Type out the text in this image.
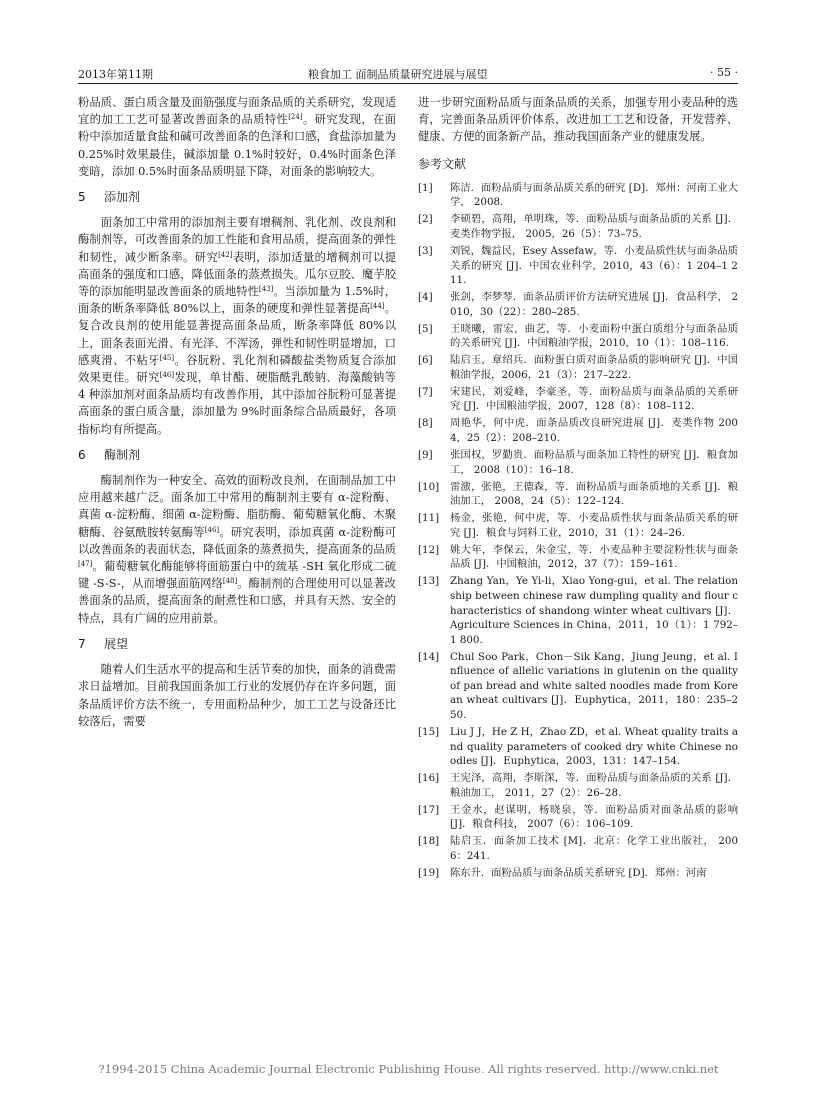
2013年第11期	粮食加工 面制品质量研究进展与展望	· 55 ·

粉品质、蛋白质含量及面筋强度与面条品质的关系研究，发现适宜的加工工艺可显著改善面条的品质特性[24]。研究发现，在面粉中添加适量食盐和碱可改善面条的色泽和口感，食盐添加量为 0.25%时效果最佳，碱添加量 0.1%时较好，0.4%时面条色泽变暗，添加 0.5%时面条品质明显下降，对面条的影响较大。

5 添加剂

面条加工中常用的添加剂主要有增稠剂、乳化剂、改良剂和酶制剂等，可改善面条的加工性能和食用品质，提高面条的弹性和韧性，减少断条率。研究[42]表明，添加适量的增稠剂可以提高面条的强度和口感，降低面条的蒸煮损失。瓜尔豆胶、魔芋胶等的添加能明显改善面条的质地特性[43]。当添加量为 1.5%时，面条的断条率降低 80%以上，面条的硬度和弹性显著提高[44]。复合改良剂的使用能显著提高面条品质，断条率降低 80%以上，面条表面光滑、有光泽、不浑汤，弹性和韧性明显增加，口感爽滑、不粘牙[45]。谷朊粉、乳化剂和磷酸盐类物质复合添加效果更佳。研究[46]发现，单甘酯、硬脂酰乳酸钠、海藻酸钠等 4 种添加剂对面条品质均有改善作用，其中添加谷朊粉可显著提高面条的蛋白质含量，添加量为 9%时面条综合品质最好，各项指标均有所提高。

6 酶制剂

酶制剂作为一种安全、高效的面粉改良剂，在面制品加工中应用越来越广泛。面条加工中常用的酶制剂主要有 α-淀粉酶、真菌 α-淀粉酶、细菌 α-淀粉酶、脂肪酶、葡萄糖氧化酶、木聚糖酶、谷氨酰胺转氨酶等[46]。研究表明，添加真菌 α-淀粉酶可以改善面条的表面状态，降低面条的蒸煮损失，提高面条的品质[47]。葡萄糖氧化酶能够将面筋蛋白中的巯基 -SH 氧化形成二硫键 -S-S-，从而增强面筋网络[48]。酶制剂的合理使用可以显著改善面条的品质，提高面条的耐煮性和口感，并具有天然、安全的特点，具有广阔的应用前景。

7 展望

随着人们生活水平的提高和生活节奏的加快，面条的消费需求日益增加。目前我国面条加工行业的发展仍存在许多问题，面条品质评价方法不统一，专用面粉品种少，加工工艺与设备还比较落后，需要

进一步研究面粉品质与面条品质的关系，加强专用小麦品种的选育，完善面条品质评价体系，改进加工工艺和设备，开发营养、健康、方便的面条新产品，推动我国面条产业的健康发展。

参考文献
[1]	陈洁．面粉品质与面条品质关系的研究 [D]．郑州：河南工业大学， 2008.
[2]	李硕碧，高翔，单明珠，等．面粉品质与面条品质的关系 [J]．麦类作物学报， 2005，26（5）：73–75.
[3]	刘锐，魏益民，Esey Assefaw，等．小麦品质性状与面条品质关系的研究 [J]．中国农业科学，2010，43（6）：1 204–1 211.
[4]	张剑，李梦琴．面条品质评价方法研究进展 [J]．食品科学， 2010，30（22）：280–285.
[5]	王晓曦，雷宏，曲艺，等．小麦面粉中蛋白质组分与面条品质的关系研究 [J]．中国粮油学报，2010，10（1）：108–116.
[6]	陆启玉，章绍兵．面粉蛋白质对面条品质的影响研究 [J]．中国粮油学报，2006，21（3）：217–222.
[7]	宋建民，刘爱峰，李豪圣，等．面粉品质与面条品质的关系研究 [J]．中国粮油学报，2007，128（8）：108–112.
[8]	周艳华，何中虎．面条品质改良研究进展 [J]．麦类作物 2004，25（2）：208–210.
[9]	张国权，罗勤贵．面粉品质与面条加工特性的研究 [J]．粮食加工， 2008（10）：16–18.
[10]	雷激，张艳，王德森，等．面粉品质与面条质地的关系 [J]．粮油加工， 2008，24（5）：122–124.
[11]	杨金，张艳，何中虎，等．小麦品质性状与面条品质关系的研究 [J]．粮食与饲料工业，2010，31（1）：24–26.
[12]	姚大年，李保云，朱金宝，等．小麦品种主要淀粉性状与面条品质 [J]．中国粮油，2012，37（7）：159–161.
[13]	Zhang Yan，Ye Yi-li，Xiao Yong-gui，et al. The relationship between chinese raw dumpling quality and flour characteristics of shandong winter wheat cultivars [J]．Agriculture Sciences in China，2011，10（1）：1 792–1 800.
[14]	Chul Soo Park，Chon－Sik Kang，Jiung Jeung，et al. Influence of allelic variations in glutenin on the quality of pan bread and white salted noodles made from Korean wheat cultivars [J]．Euphytica，2011，180：235–250.
[15]	Liu J J，He Z H，Zhao ZD，et al. Wheat quality traits and quality parameters of cooked dry white Chinese noodles [J]．Euphytica，2003，131：147–154.
[16]	王宪泽，高翔，李斯深，等．面粉品质与面条品质的关系 [J]．粮油加工， 2011，27（2）：26–28.
[17]	王金水，赵谋明，杨晓泉，等．面粉品质对面条品质的影响 [J]．粮食科技， 2007（6）：106–109.
[18]	陆启玉．面条加工技术 [M]．北京：化学工业出版社， 2006：241.
[19]	陈东升．面粉品质与面条品质关系研究 [D]．郑州：河南
?1994-2015 China Academic Journal Electronic Publishing House. All rights reserved. http://www.cnki.net
